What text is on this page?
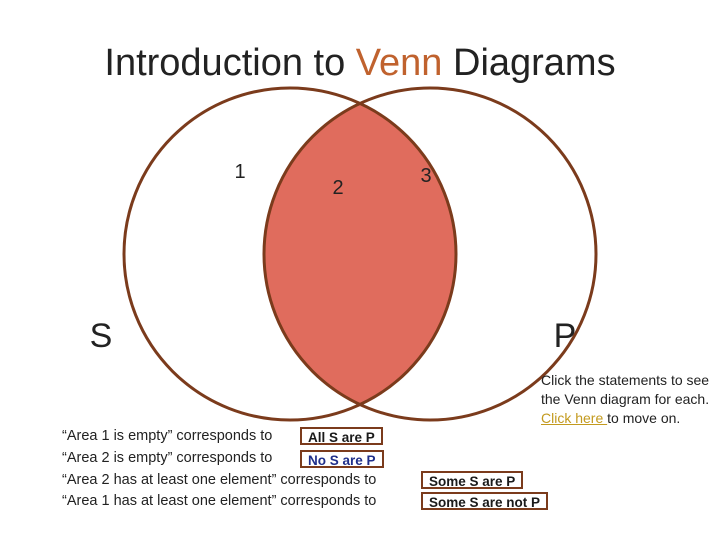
Introduction to Venn Diagrams
1
2
3
S	P
Click the statements to see the Venn diagram for each. Click here to move on.
“Area 1 is empty” corresponds to	All S are P
“Area 2 is empty” corresponds to	No S are P
“Area 2 has at least one element” corresponds to	Some S are P
“Area 1 has at least one element” corresponds to	Some S are not P
